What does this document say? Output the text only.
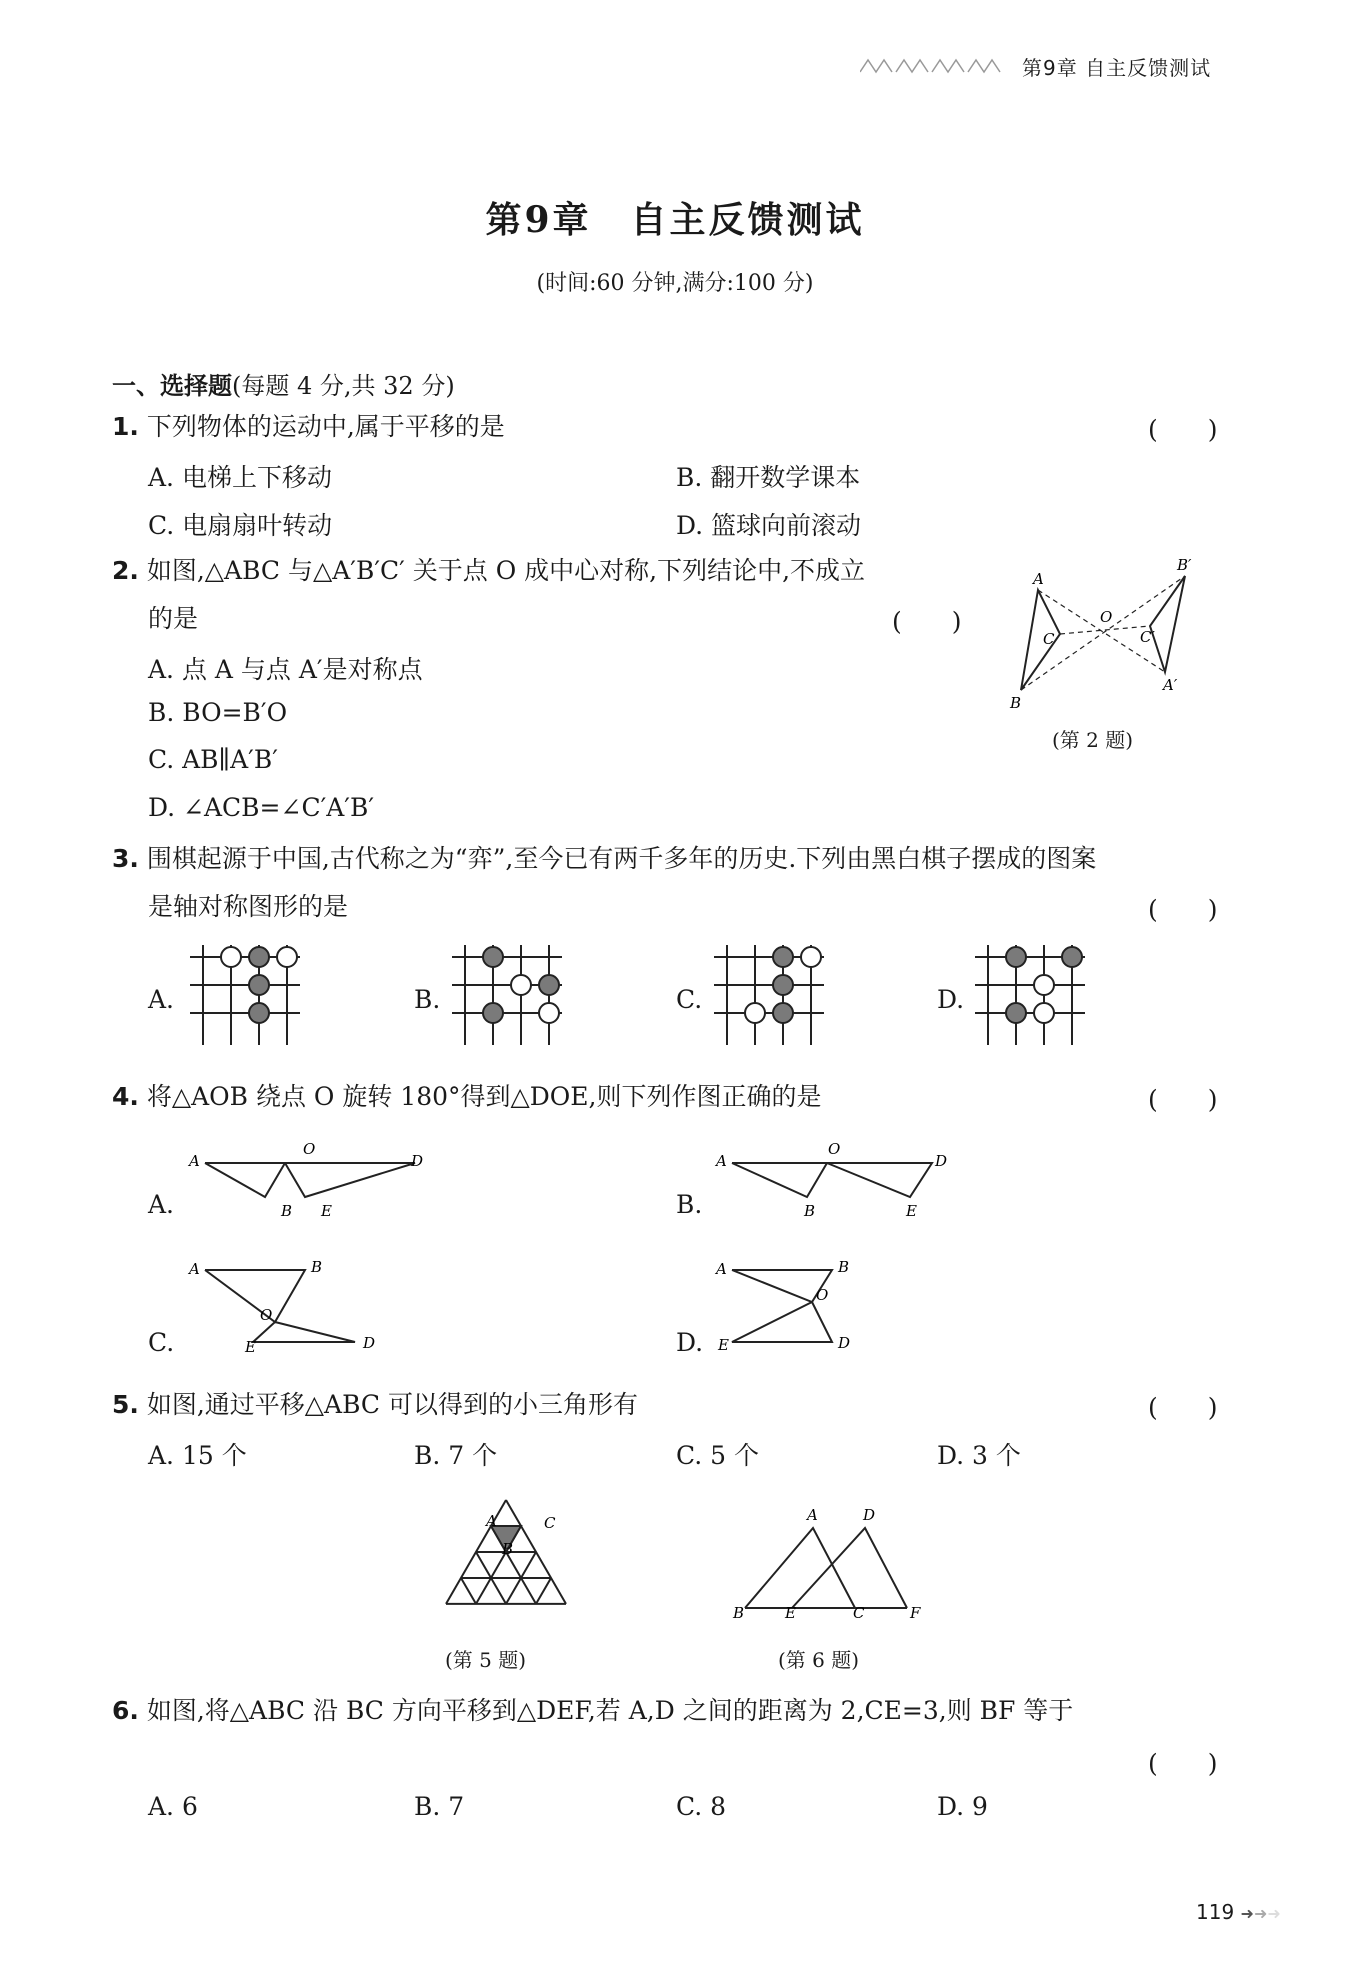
第9章 自主反馈测试
第9章　自主反馈测试
(时间:60 分钟,满分:100 分)
一、选择题(每题 4 分,共 32 分)
1. 下列物体的运动中,属于平移的是	(　　)
A. 电梯上下移动	B. 翻开数学课本
C. 电扇扇叶转动	D. 篮球向前滚动
2. 如图,△ABC 与△A′B′C′ 关于点 O 成中心对称,下列结论中,不成立
的是	(　　)
A. 点 A 与点 A′是对称点
B. BO=B′O
C. AB∥A′B′
D. ∠ACB=∠C′A′B′
A
B
C
O
B′
C′
A′
(第 2 题)
3. 围棋起源于中国,古代称之为“弈”,至今已有两千多年的历史.下列由黑白棋子摆成的图案
是轴对称图形的是	(　　)
A.	B.	C.	D.
4. 将△AOB 绕点 O 旋转 180°得到△DOE,则下列作图正确的是	(　　)
A.
A
O
B E
D
B.
A
O
B	E
D
C.
A
O
B
E	D	D.
A
O
B
E	D
5. 如图,通过平移△ABC 可以得到的小三角形有	(　　)
A. 15 个	B. 7 个	C. 5 个	D. 3 个
A
B
C
(第 5 题)
A	D
B	E	C	F
(第 6 题)
6. 如图,将△ABC 沿 BC 方向平移到△DEF,若 A,D 之间的距离为 2,CE=3,则 BF 等于
(　　)
A. 6	B. 7	C. 8	D. 9
119 ➜➜➜
